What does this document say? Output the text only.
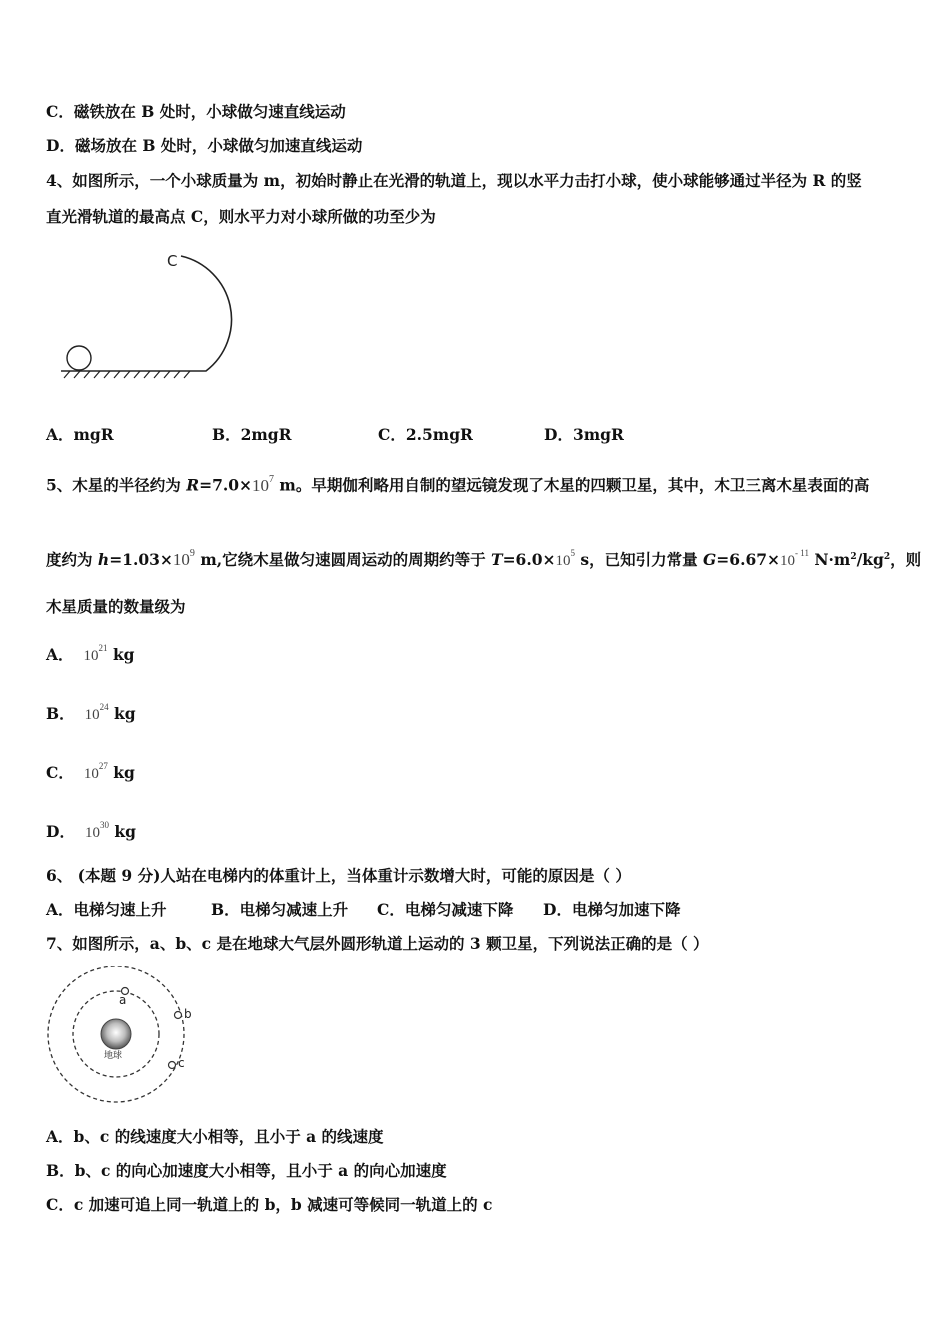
C．磁铁放在 B 处时，小球做匀速直线运动
D．磁场放在 B 处时，小球做匀加速直线运动
4、如图所示，一个小球质量为 m，初始时静止在光滑的轨道上，现以水平力击打小球，使小球能够通过半径为 R 的竖
直光滑轨道的最高点 C，则水平力对小球所做的功至少为
C
A．mgR	B．2mgR	C．2.5mgR	D．3mgR
5、木星的半径约为 $R=7.0\times 10^7$ m。早期伽利略用自制的望远镜发现了木星的四颗卫星，其中，木卫三离木星表面的高
度约为 $h=1.03\times 10^9$ m,它绕木星做匀速圆周运动的周期约等于 $T=6.0\times 10^5$ s，已知引力常量 $G=6.67\times 10^{- 11}$ $N\cdot m^2/kg^2$，则
木星质量的数量级为
A． $10^{21}$ kg
B． $10^{24}$ kg
C． $10^{27}$ kg
D． $10^{30}$ kg
6、 (本题 9 分)人站在电梯内的体重计上，当体重计示数增大时，可能的原因是（ ）
A．电梯匀速上升	B．电梯匀减速上升 C．电梯匀减速下降 D．电梯匀加速下降
7、如图所示，a、b、c 是在地球大气层外圆形轨道上运动的 3 颗卫星，下列说法正确的是（ ）
地球
a
b
c
A．b、c 的线速度大小相等，且小于 a 的线速度
B．b、c 的向心加速度大小相等，且小于 a 的向心加速度
C．c 加速可追上同一轨道上的 b，b 减速可等候同一轨道上的 c
